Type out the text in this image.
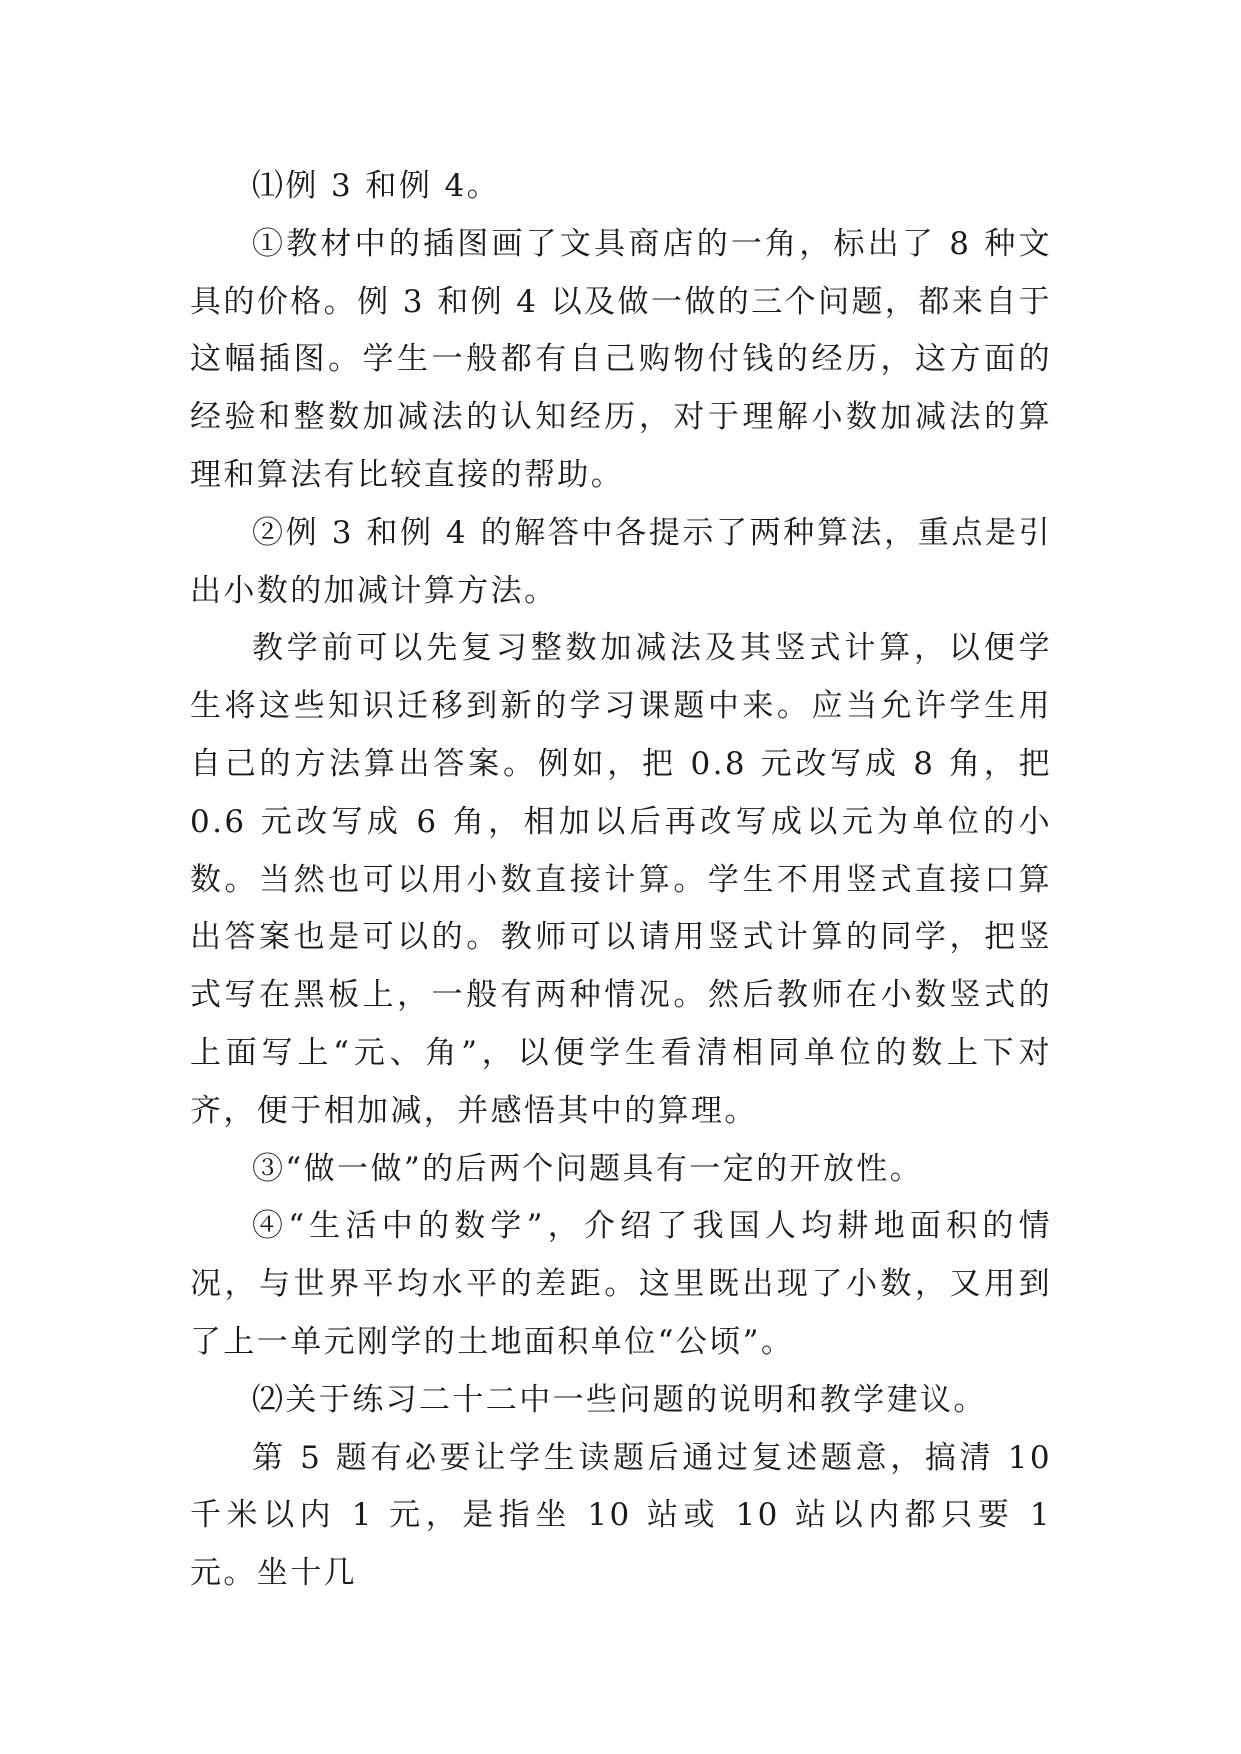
⑴例 3 和例 4。

①教材中的插图画了文具商店的一角，标出了 8 种文具的价格。例 3 和例 4 以及做一做的三个问题，都来自于这幅插图。学生一般都有自己购物付钱的经历，这方面的经验和整数加减法的认知经历，对于理解小数加减法的算理和算法有比较直接的帮助。

②例 3 和例 4 的解答中各提示了两种算法，重点是引出小数的加减计算方法。

教学前可以先复习整数加减法及其竖式计算，以便学生将这些知识迁移到新的学习课题中来。应当允许学生用自己的方法算出答案。例如，把 0.8 元改写成 8 角，把 0.6 元改写成 6 角，相加以后再改写成以元为单位的小数。当然也可以用小数直接计算。学生不用竖式直接口算出答案也是可以的。教师可以请用竖式计算的同学，把竖式写在黑板上，一般有两种情况。然后教师在小数竖式的上面写上“元、角”，以便学生看清相同单位的数上下对齐，便于相加减，并感悟其中的算理。

③“做一做”的后两个问题具有一定的开放性。

④“生活中的数学”，介绍了我国人均耕地面积的情况，与世界平均水平的差距。这里既出现了小数，又用到了上一单元刚学的土地面积单位“公顷”。

⑵关于练习二十二中一些问题的说明和教学建议。

第 5 题有必要让学生读题后通过复述题意，搞清 10 千米以内 1 元，是指坐 10 站或 10 站以内都只要 1 元。坐十几
